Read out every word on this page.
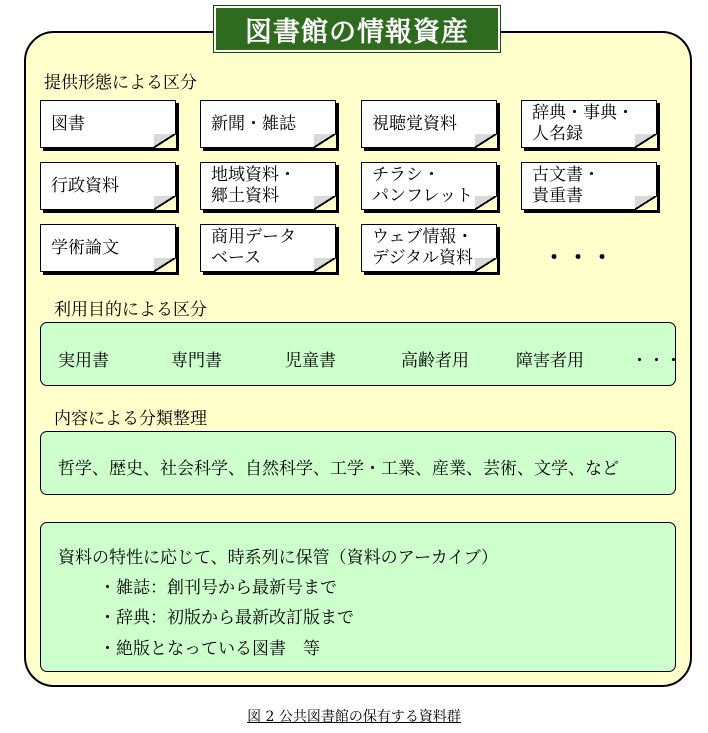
図書館の情報資産
提供形態による区分
図書	新聞・雑誌	視聴覚資料
辞典・事典・
人名録
行政資料
地域資料・
郷土資料
チラシ・
パンフレット
古文書・
貴重書
学術論文
商用データ
ベース
ウェブ情報・
デジタル資料	・・・
利用目的による区分
実用書	専門書	児童書	高齢者用	障害者用	・・・
内容による分類整理
哲学、歴史、社会科学、自然科学、工学・工業、産業、芸術、文学、など
資料の特性に応じて、時系列に保管（資料のアーカイブ）
・雑誌：創刊号から最新号まで
・辞典：初版から最新改訂版まで
・絶版となっている図書　等
図 2 公共図書館の保有する資料群
